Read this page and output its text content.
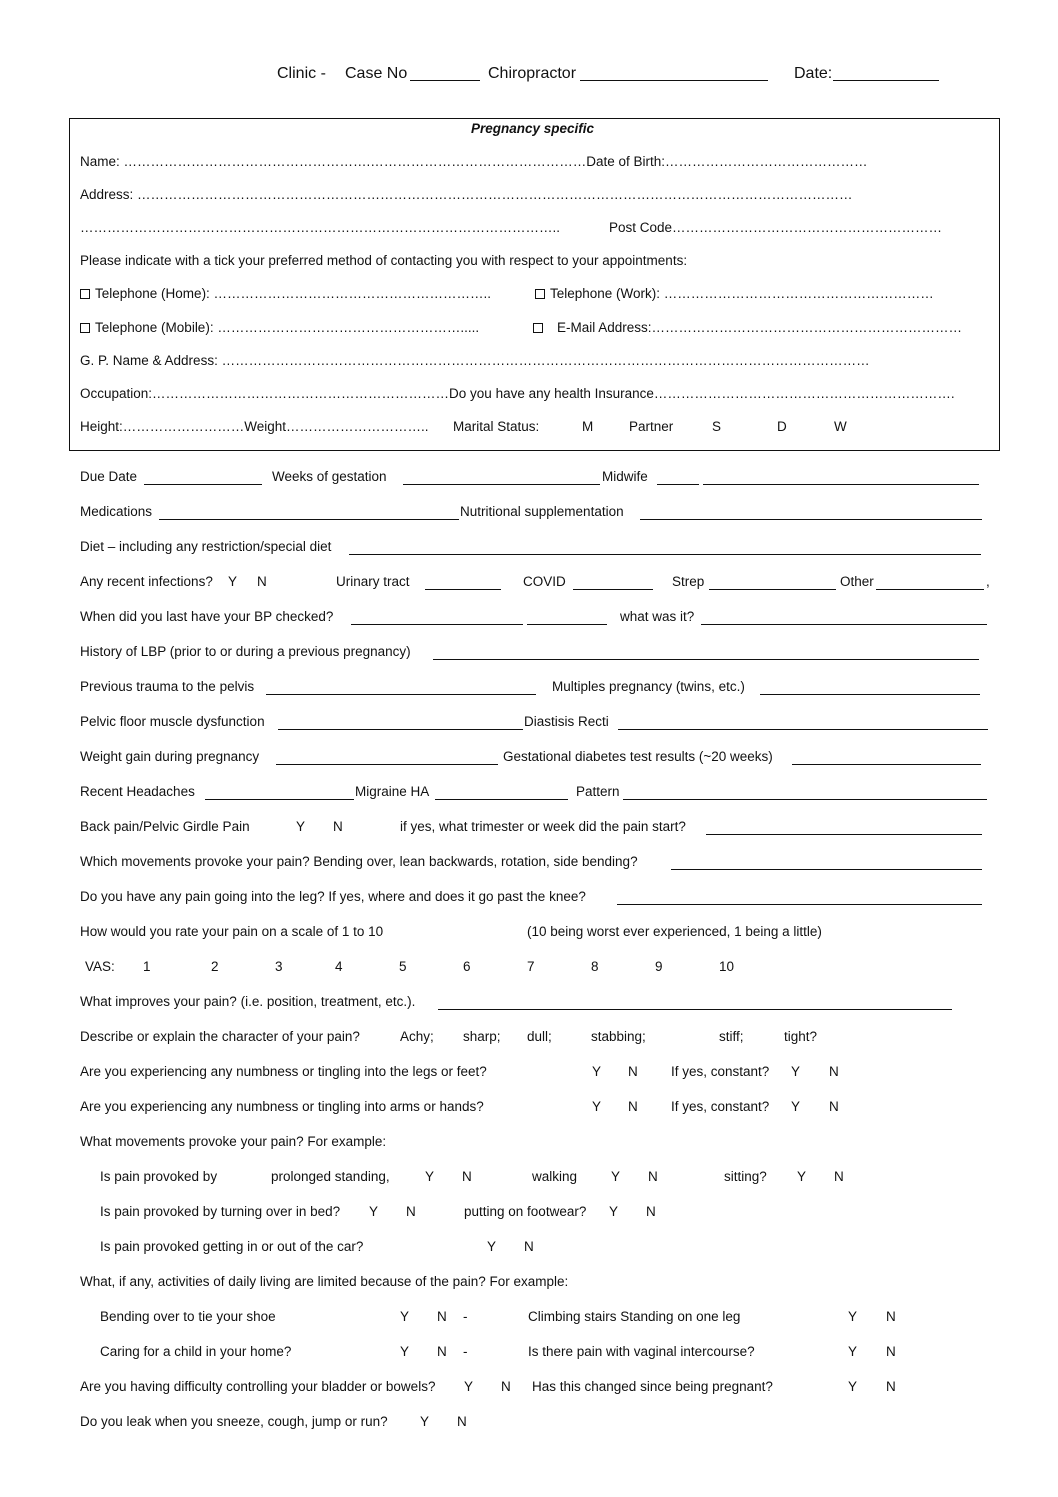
Clinic - Case No	Chiropractor	Date:
Pregnancy specific
Name: ……………………………………………….…………………………………………Date of Birth:………………………………………
Address: ……………………………………………………………………………………………………………………………………………
……………………………………………………………………………………………..	Post Code……………………………………………………
Please indicate with a tick your preferred method of contacting you with respect to your appointments:
Telephone (Home): ……………………………………………………..	Telephone (Work): ……………………………………………………
Telephone (Mobile): ……………………………………………….....	E-Mail Address:……………………………………………………………
G. P. Name & Address: ………………………………………………………………………………………………………………………………
Occupation:…………………………………………………………Do you have any health Insurance………………………………………………………….
Height:………………………Weight………………………….. Marital Status:	M	Partner	S	D	W
Due Date	Weeks of gestation	Midwife
Medications	Nutritional supplementation
Diet – including any restriction/special diet
Any recent infections? Y N	Urinary tract	COVID	Strep	Other	,
When did you last have your BP checked?	what was it?
History of LBP (prior to or during a previous pregnancy)
Previous trauma to the pelvis	Multiples pregnancy (twins, etc.)
Pelvic floor muscle dysfunction	Diastisis Recti
Weight gain during pregnancy	Gestational diabetes test results (~20 weeks)
Recent Headaches	Migraine HA	Pattern
Back pain/Pelvic Girdle Pain	Y N	if yes, what trimester or week did the pain start?
Which movements provoke your pain? Bending over, lean backwards, rotation, side bending?
Do you have any pain going into the leg? If yes, where and does it go past the knee?
How would you rate your pain on a scale of 1 to 10	(10 being worst ever experienced, 1 being a little)
VAS: 1	2	3	4	5	6	7	8	9	10
What improves your pain? (i.e. position, treatment, etc.).
Describe or explain the character of your pain?	Achy; sharp; dull;	stabbing;	stiff;	tight?
Are you experiencing any numbness or tingling into the legs or feet?	Y N If yes, constant? Y N
Are you experiencing any numbness or tingling into arms or hands?	Y N If yes, constant? Y N
What movements provoke your pain? For example:
Is pain provoked by	prolonged standing,	Y N	walking	Y N	sitting? Y N
Is pain provoked by turning over in bed? Y N	putting on footwear? Y N
Is pain provoked getting in or out of the car?	Y N
What, if any, activities of daily living are limited because of the pain? For example:
Bending over to tie your shoe	Y N -	Climbing stairs Standing on one leg	Y N
Caring for a child in your home?	Y N -	Is there pain with vaginal intercourse?	Y N
Are you having difficulty controlling your bladder or bowels? Y N Has this changed since being pregnant?	Y N
Do you leak when you sneeze, cough, jump or run? Y N
